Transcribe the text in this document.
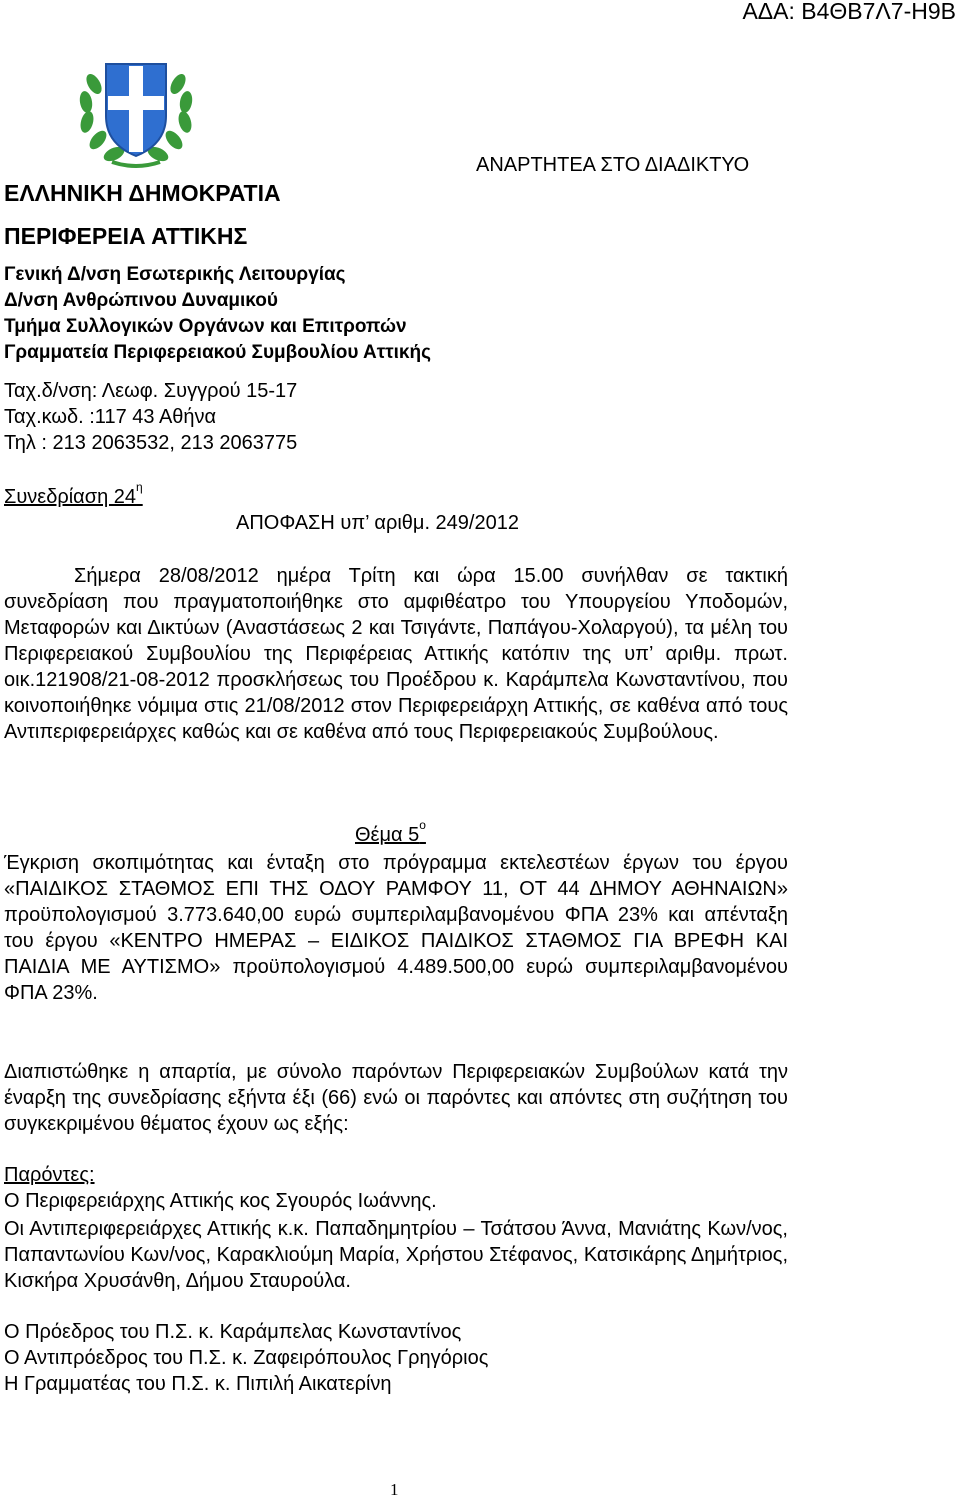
ΑΔΑ: Β4ΘΒ7Λ7-Η9Β
ΑΝΑΡΤΗΤΕΑ ΣΤΟ ΔΙΑΔΙΚΤΥΟ
ΕΛΛΗΝΙΚΗ ΔΗΜΟΚΡΑΤΙΑ
ΠΕΡΙΦΕΡΕΙΑ ΑΤΤΙΚΗΣ
Γενική Δ/νση Εσωτερικής Λειτουργίας
Δ/νση Ανθρώπινου Δυναμικού
Τμήμα Συλλογικών Οργάνων και Επιτροπών
Γραμματεία Περιφερειακού Συμβουλίου Αττικής
Ταχ.δ/νση: Λεωφ. Συγγρού 15-17
Ταχ.κωδ. :117 43 Αθήνα
Τηλ : 213 2063532, 213 2063775
Συνεδρίαση $24^\eta$
ΑΠΟΦΑΣΗ υπ’ αριθμ. 249/2012
Σήμερα 28/08/2012 ημέρα Τρίτη και ώρα 15.00 συνήλθαν σε τακτική
συνεδρίαση που πραγματοποιήθηκε στο αμφιθέατρο του Υπουργείου Υποδομών, Μεταφορών και Δικτύων (Αναστάσεως 2 και Τσιγάντε, Παπάγου-Χολαργού), τα μέλη του Περιφερειακού Συμβουλίου της Περιφέρειας Αττικής κατόπιν της υπ’ αριθμ. πρωτ. οικ.121908/21-08-2012 προσκλήσεως του Προέδρου κ. Καράμπελα Κωνσταντίνου, που κοινοποιήθηκε νόμιμα στις 21/08/2012 στον Περιφερειάρχη Αττικής, σε καθένα από τους Αντιπεριφερειάρχες καθώς και σε καθένα από τους Περιφερειακούς Συμβούλους.
Θέμα $5^o$
Έγκριση σκοπιμότητας και ένταξη στο πρόγραμμα εκτελεστέων έργων του έργου «ΠΑΙΔΙΚΟΣ ΣΤΑΘΜΟΣ ΕΠΙ ΤΗΣ ΟΔΟΥ ΡΑΜΦΟΥ 11, ΟΤ 44 ΔΗΜΟΥ ΑΘΗΝΑΙΩΝ» προϋπολογισμού 3.773.640,00 ευρώ συμπεριλαμβανομένου ΦΠΑ 23% και απένταξη του έργου «ΚΕΝΤΡΟ ΗΜΕΡΑΣ – ΕΙΔΙΚΟΣ ΠΑΙΔΙΚΟΣ ΣΤΑΘΜΟΣ ΓΙΑ ΒΡΕΦΗ ΚΑΙ ΠΑΙΔΙΑ ΜΕ ΑΥΤΙΣΜΟ» προϋπολογισμού 4.489.500,00 ευρώ συμπεριλαμβανομένου ΦΠΑ 23%.
Διαπιστώθηκε η απαρτία, με σύνολο παρόντων Περιφερειακών Συμβούλων κατά την έναρξη της συνεδρίασης εξήντα έξι (66) ενώ οι παρόντες και απόντες στη συζήτηση του συγκεκριμένου θέματος έχουν ως εξής:
Παρόντες:
Ο Περιφερειάρχης Αττικής κος Σγουρός Ιωάννης.
Οι Αντιπεριφερειάρχες Αττικής κ.κ. Παπαδημητρίου – Τσάτσου Άννα, Μανιάτης Κων/νος, Παπαντωνίου Κων/νος, Καρακλιούμη Μαρία, Χρήστου Στέφανος, Κατσικάρης Δημήτριος, Κισκήρα Χρυσάνθη, Δήμου Σταυρούλα.
Ο Πρόεδρος του Π.Σ. κ. Καράμπελας Κωνσταντίνος
Ο Αντιπρόεδρος του Π.Σ. κ. Ζαφειρόπουλος Γρηγόριος
Η Γραμματέας του Π.Σ. κ. Πιπιλή Αικατερίνη
1
